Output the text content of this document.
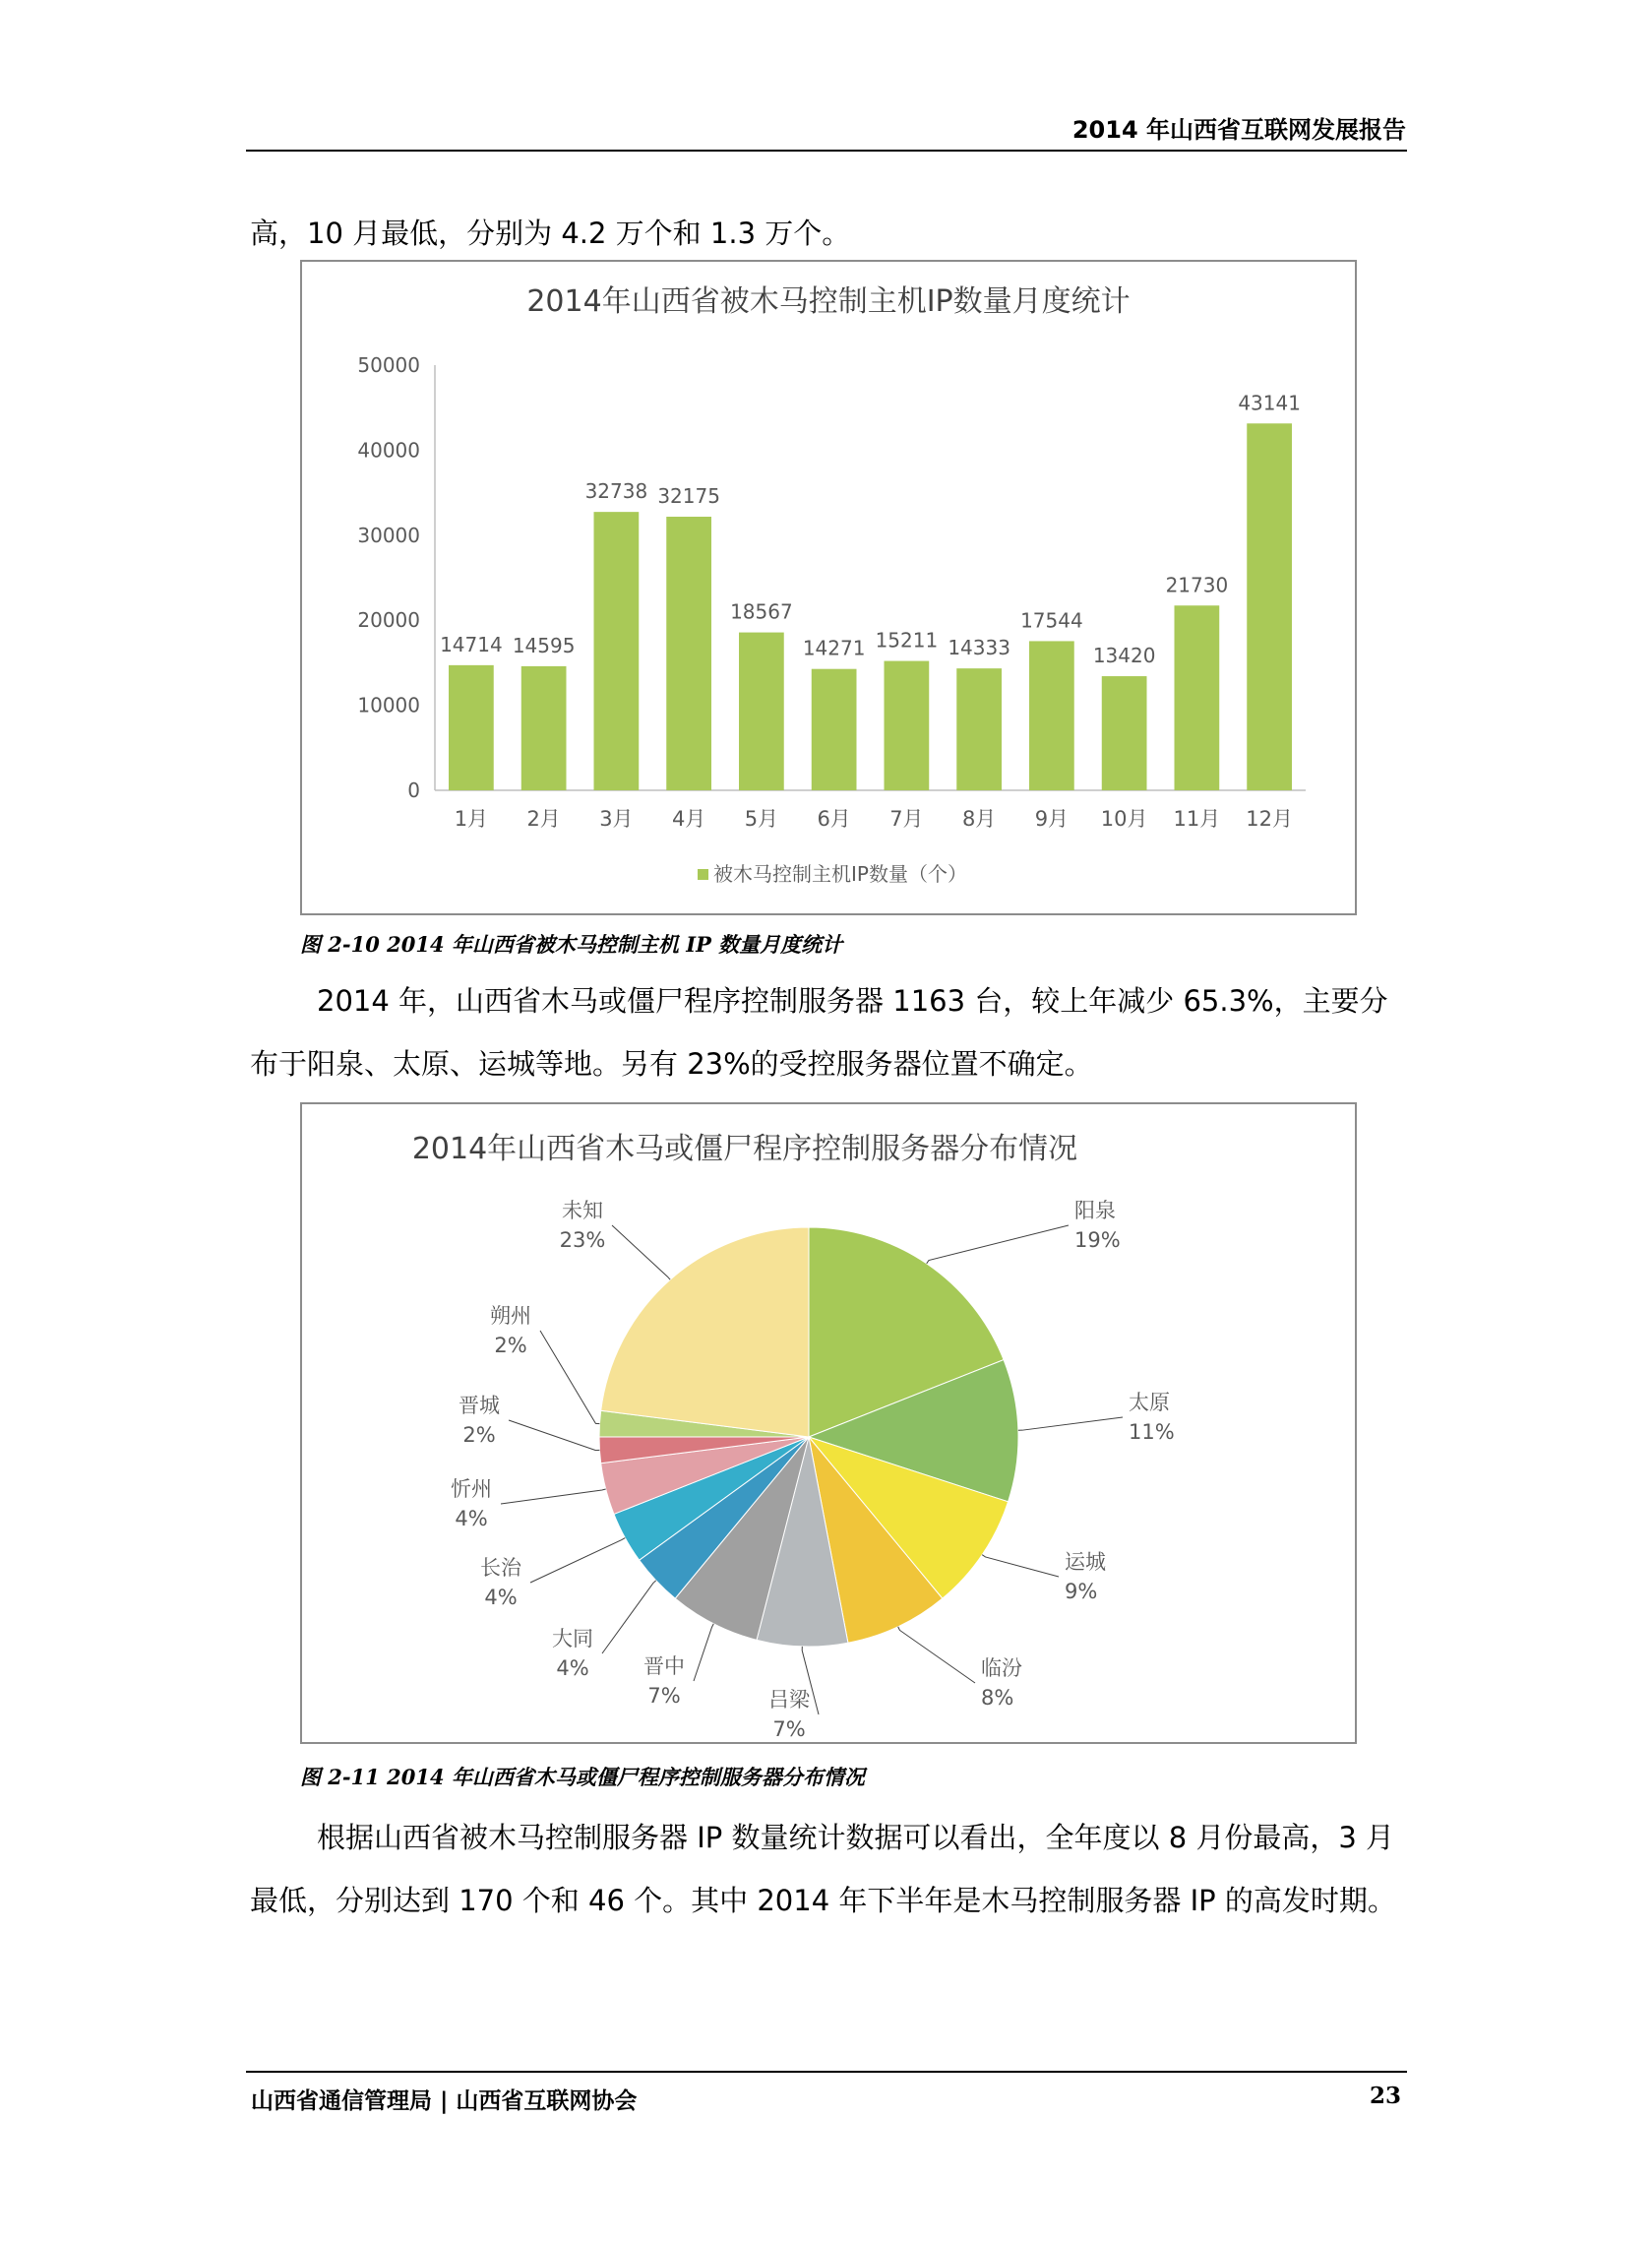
2014 年山西省互联网发展报告
高，10 月最低，分别为 4.2 万个和 1.3 万个。
2014年山西省被木马控制主机IP数量月度统计
0
10000
20000
30000
40000
50000
14714
1月
14595
2月
32738
3月
32175
4月
18567
5月
14271
6月
15211
7月
14333
8月
17544
9月
13420
10月
21730
11月
43141
12月
被木马控制主机IP数量（个）
图 2-10 2014 年山西省被木马控制主机 IP 数量月度统计
2014 年，山西省木马或僵尸程序控制服务器 1163 台，较上年减少 65.3%，主要分布于阳泉、太原、运城等地。另有 23%的受控服务器位置不确定。
2014年山西省木马或僵尸程序控制服务器分布情况
阳泉
19%
太原
11%
运城
9%
临汾
8%
吕梁
7%
晋中
7%
大同
4%
长治
4%
忻州
4%
晋城
2%
朔州
2%
未知
23%
图 2-11 2014 年山西省木马或僵尸程序控制服务器分布情况
根据山西省被木马控制服务器 IP 数量统计数据可以看出，全年度以 8 月份最高，3 月最低，分别达到 170 个和 46 个。其中 2014 年下半年是木马控制服务器 IP 的高发时期。
山西省通信管理局 | 山西省互联网协会	23
